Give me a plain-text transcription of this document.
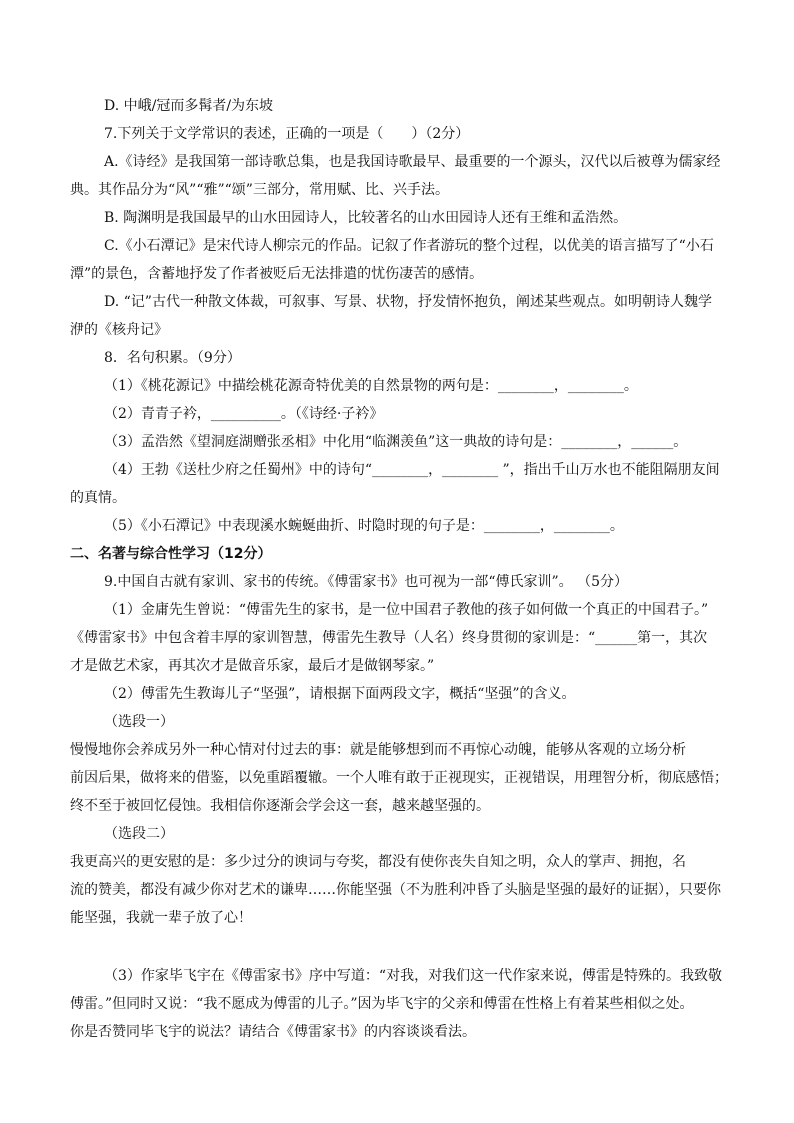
D. 中峨/冠而多髯者/为东坡
7.下列关于文学常识的表述，正确的一项是（　　）（2分）
A.《诗经》是我国第一部诗歌总集，也是我国诗歌最早、最重要的一个源头，汉代以后被尊为儒家经
典。其作品分为“风”“雅”“颂”三部分，常用赋、比、兴手法。
B. 陶渊明是我国最早的山水田园诗人，比较著名的山水田园诗人还有王维和孟浩然。
C.《小石潭记》是宋代诗人柳宗元的作品。记叙了作者游玩的整个过程，以优美的语言描写了“小石
潭”的景色，含蓄地抒发了作者被贬后无法排遣的忧伤凄苦的感情。
D. “记”古代一种散文体裁，可叙事、写景、状物，抒发情怀抱负，阐述某些观点。如明朝诗人魏学
洢的《核舟记》
8．名句积累。（9分）
（1）《桃花源记》中描绘桃花源奇特优美的自然景物的两句是：________，________。
（2）青青子衿，__________。（《诗经·子衿》
（3）孟浩然《望洞庭湖赠张丞相》中化用“临渊羡鱼”这一典故的诗句是：________，______。
（4）王勃《送杜少府之任蜀州》中的诗句“________，________ ”，指出千山万水也不能阻隔朋友间
的真情。
（5）《小石潭记》中表现溪水蜿蜒曲折、时隐时现的句子是：________，________。
二、名著与综合性学习（12分）
9.中国自古就有家训、家书的传统。《傅雷家书》也可视为一部“傅氏家训”。 （5分）
（1）金庸先生曾说：“傅雷先生的家书，是一位中国君子教他的孩子如何做一个真正的中国君子。”
《傅雷家书》中包含着丰厚的家训智慧，傅雷先生教导（人名）终身贯彻的家训是：“______第一，其次
才是做艺术家，再其次才是做音乐家，最后才是做钢琴家。”
（2）傅雷先生教诲儿子“坚强”，请根据下面两段文字，概括“坚强”的含义。
（选段一）
慢慢地你会养成另外一种心情对付过去的事：就是能够想到而不再惊心动魄，能够从客观的立场分析
前因后果，做将来的借鉴，以免重蹈覆辙。一个人唯有敢于正视现实，正视错误，用理智分析，彻底感悟；
终不至于被回忆侵蚀。我相信你逐渐会学会这一套，越来越坚强的。
（选段二）
我更高兴的更安慰的是：多少过分的谀词与夸奖，都没有使你丧失自知之明，众人的掌声、拥抱，名
流的赞美，都没有减少你对艺术的谦卑……你能坚强（不为胜利冲昏了头脑是坚强的最好的证据），只要你
能坚强，我就一辈子放了心！
（3）作家毕飞宇在《傅雷家书》序中写道：“对我，对我们这一代作家来说，傅雷是特殊的。我致敬
傅雷。”但同时又说：“我不愿成为傅雷的儿子。”因为毕飞宇的父亲和傅雷在性格上有着某些相似之处。
你是否赞同毕飞宇的说法？请结合《傅雷家书》的内容谈谈看法。
